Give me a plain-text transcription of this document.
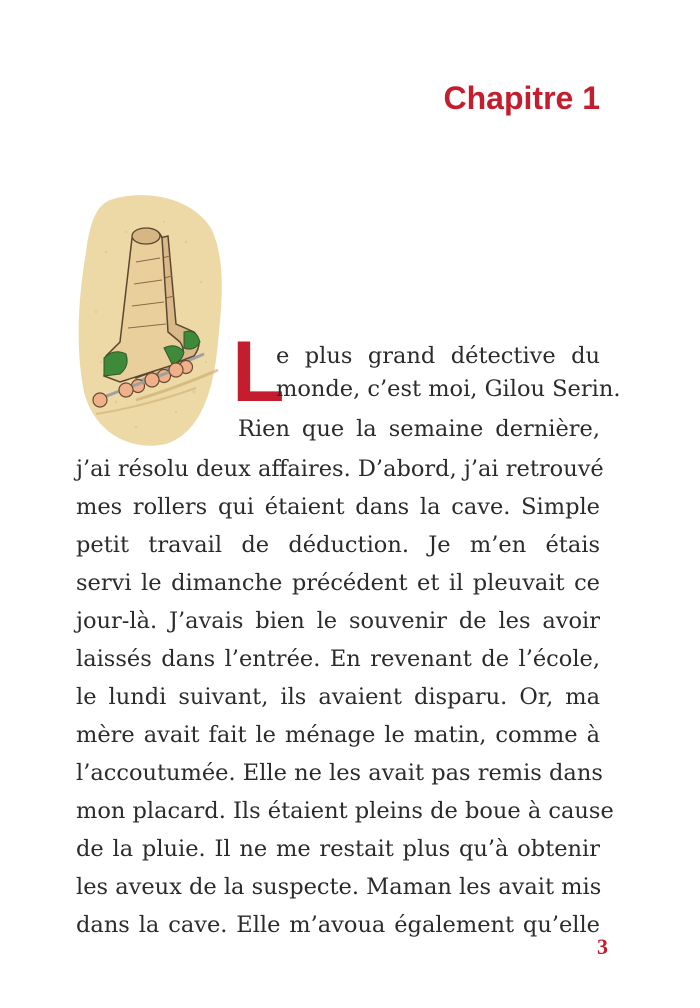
Chapitre 1
L
e plus grand détective du
monde, c’est moi, Gilou Serin.
Rien que la semaine dernière,
j’ai résolu deux affaires. D’abord, j’ai retrouvé
mes rollers qui étaient dans la cave. Simple
petit travail de déduction. Je m’en étais
servi le dimanche précédent et il pleuvait ce
jour-là. J’avais bien le souvenir de les avoir
laissés dans l’entrée. En revenant de l’école,
le lundi suivant, ils avaient disparu. Or, ma
mère avait fait le ménage le matin, comme à
l’accoutumée. Elle ne les avait pas remis dans
mon placard. Ils étaient pleins de boue à cause
de la pluie. Il ne me restait plus qu’à obtenir
les aveux de la suspecte. Maman les avait mis
dans la cave. Elle m’avoua également qu’elle
3
